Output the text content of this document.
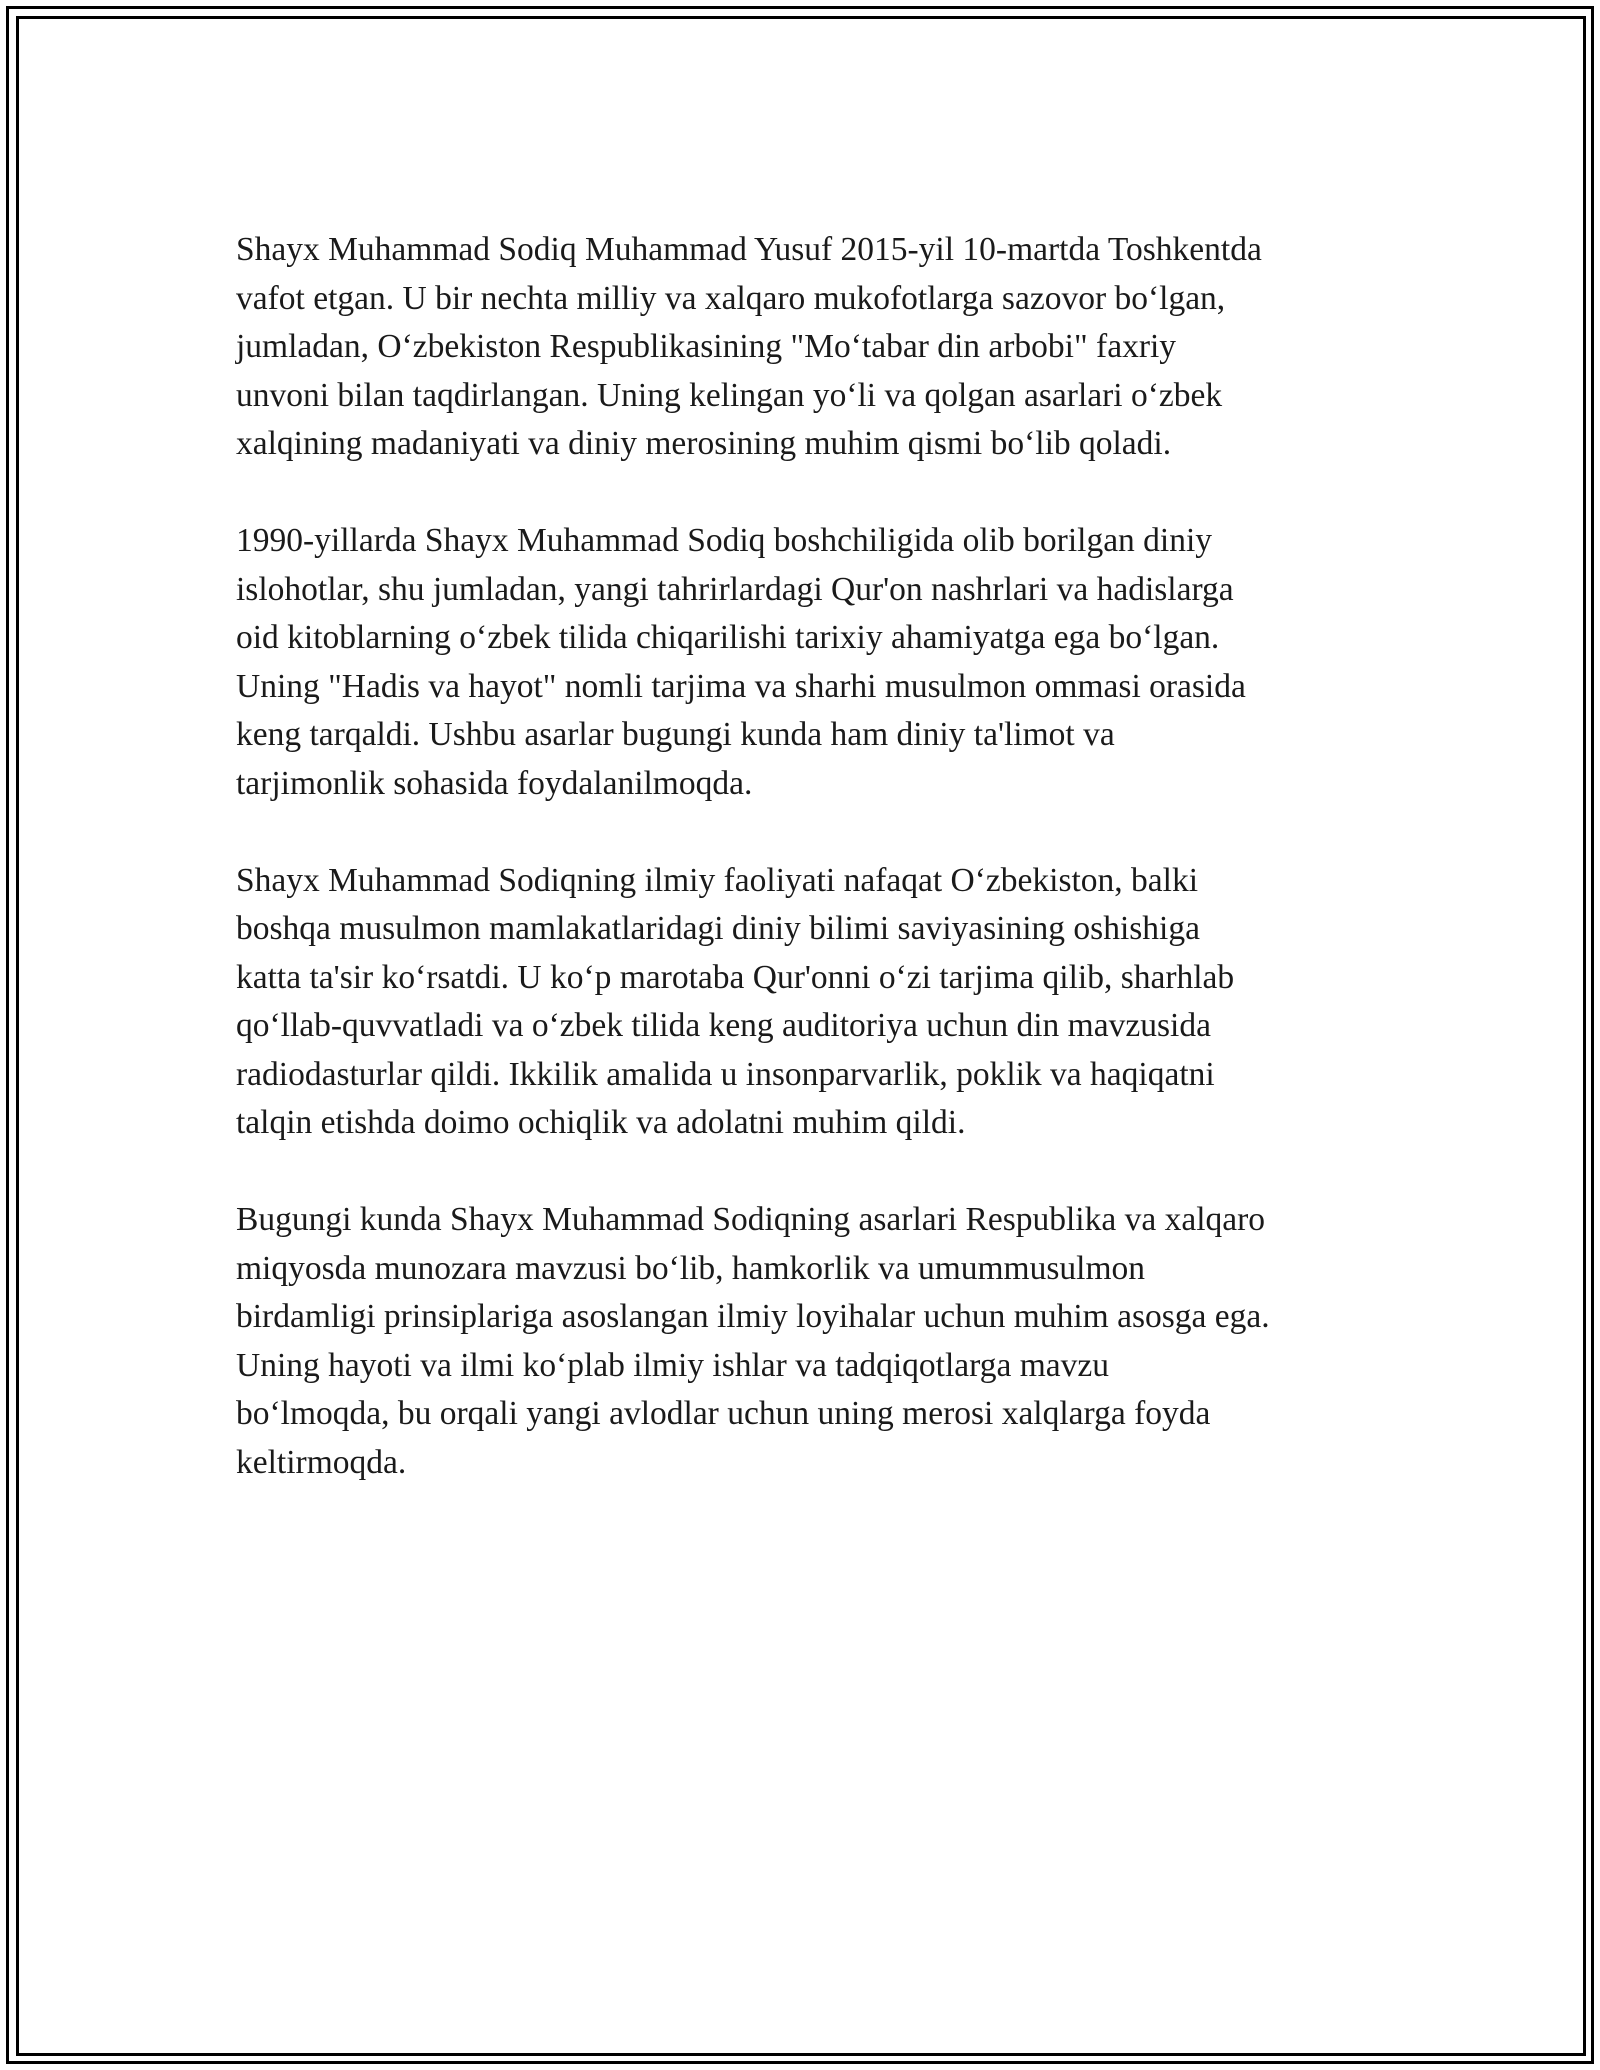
Shayx Muhammad Sodiq Muhammad Yusuf 2015-yil 10-martda Toshkentda
vafot etgan. U bir nechta milliy va xalqaro mukofotlarga sazovor bo‘lgan,
jumladan, O‘zbekiston Respublikasining "Mo‘tabar din arbobi" faxriy
unvoni bilan taqdirlangan. Uning kelingan yo‘li va qolgan asarlari o‘zbek
xalqining madaniyati va diniy merosining muhim qismi bo‘lib qoladi.

1990-yillarda Shayx Muhammad Sodiq boshchiligida olib borilgan diniy
islohotlar, shu jumladan, yangi tahrirlardagi Qur'on nashrlari va hadislarga
oid kitoblarning o‘zbek tilida chiqarilishi tarixiy ahamiyatga ega bo‘lgan.
Uning "Hadis va hayot" nomli tarjima va sharhi musulmon ommasi orasida
keng tarqaldi. Ushbu asarlar bugungi kunda ham diniy ta'limot va
tarjimonlik sohasida foydalanilmoqda.

Shayx Muhammad Sodiqning ilmiy faoliyati nafaqat O‘zbekiston, balki
boshqa musulmon mamlakatlaridagi diniy bilimi saviyasining oshishiga
katta ta'sir ko‘rsatdi. U ko‘p marotaba Qur'onni o‘zi tarjima qilib, sharhlab
qo‘llab-quvvatladi va o‘zbek tilida keng auditoriya uchun din mavzusida
radiodasturlar qildi. Ikkilik amalida u insonparvarlik, poklik va haqiqatni
talqin etishda doimo ochiqlik va adolatni muhim qildi.

Bugungi kunda Shayx Muhammad Sodiqning asarlari Respublika va xalqaro
miqyosda munozara mavzusi bo‘lib, hamkorlik va umummusulmon
birdamligi prinsiplariga asoslangan ilmiy loyihalar uchun muhim asosga ega.
Uning hayoti va ilmi ko‘plab ilmiy ishlar va tadqiqotlarga mavzu
bo‘lmoqda, bu orqali yangi avlodlar uchun uning merosi xalqlarga foyda
keltirmoqda.
